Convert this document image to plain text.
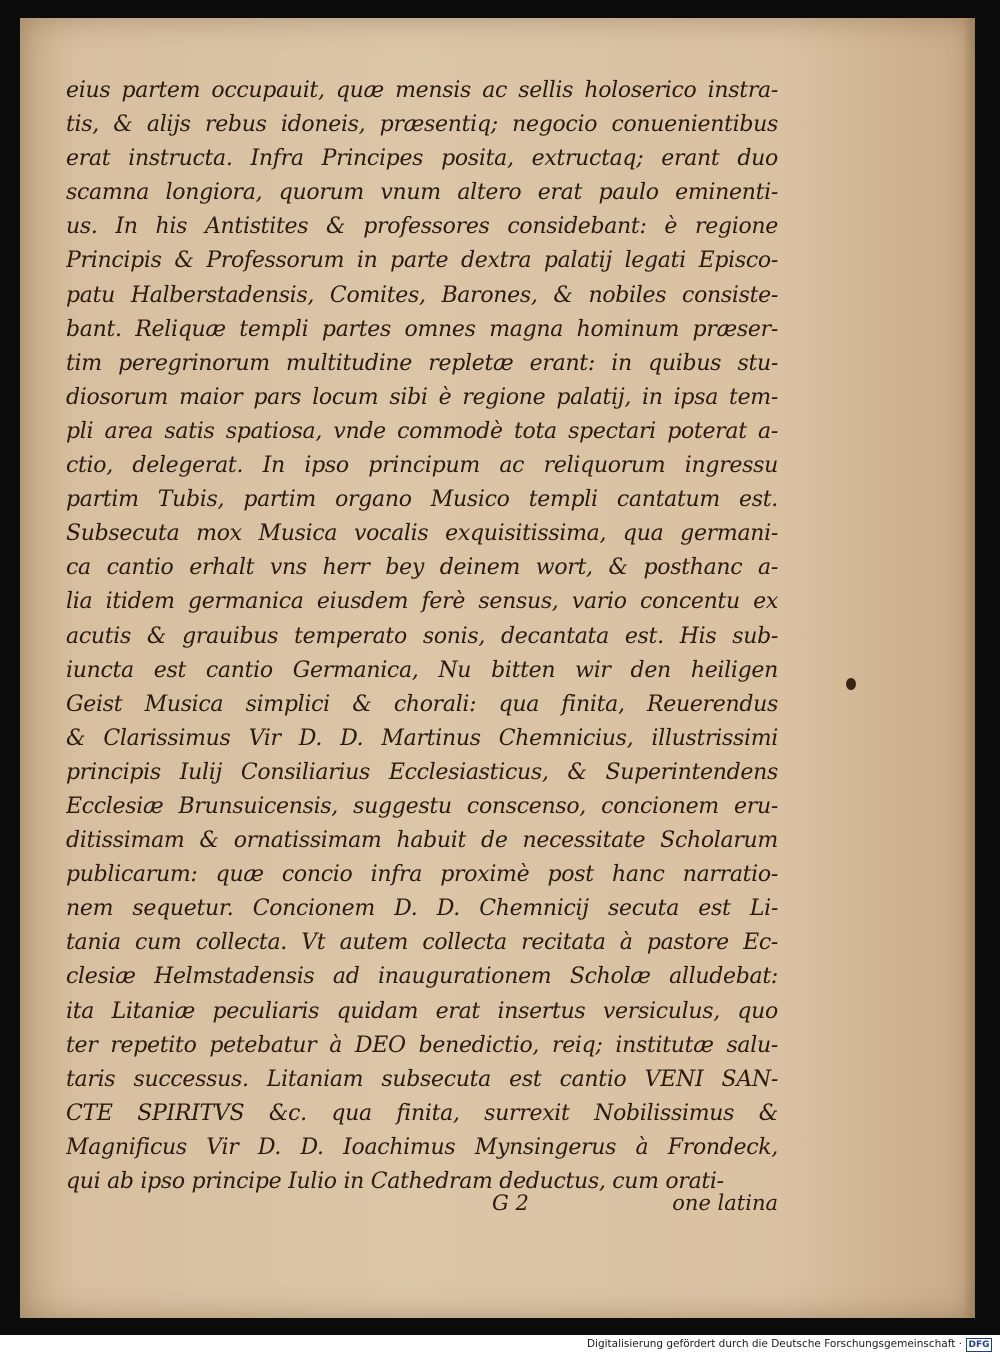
eius partem occupauit, quæ mensis ac sellis holoserico instra-
tis, & alijs rebus idoneis, præsentiq; negocio conuenientibus
erat instructa. Infra Principes posita, extructaq; erant duo
scamna longiora, quorum vnum altero erat paulo eminenti-
us. In his Antistites & professores considebant: è regione
Principis & Professorum in parte dextra palatij legati Episco-
patu Halberstadensis, Comites, Barones, & nobiles consiste-
bant. Reliquæ templi partes omnes magna hominum præser-
tim peregrinorum multitudine repletæ erant: in quibus stu-
diosorum maior pars locum sibi è regione palatij, in ipsa tem-
pli area satis spatiosa, vnde commodè tota spectari poterat a-
ctio, delegerat. In ipso principum ac reliquorum ingressu
partim Tubis, partim organo Musico templi cantatum est.
Subsecuta mox Musica vocalis exquisitissima, qua germani-
ca cantio erhalt vns herr bey deinem wort, & posthanc a-
lia itidem germanica eiusdem ferè sensus, vario concentu ex
acutis & grauibus temperato sonis, decantata est. His sub-
iuncta est cantio Germanica, Nu bitten wir den heiligen
Geist Musica simplici & chorali: qua finita, Reuerendus
& Clarissimus Vir D. D. Martinus Chemnicius, illustrissimi
principis Iulij Consiliarius Ecclesiasticus, & Superintendens
Ecclesiæ Brunsuicensis, suggestu conscenso, concionem eru-
ditissimam & ornatissimam habuit de necessitate Scholarum
publicarum: quæ concio infra proximè post hanc narratio-
nem sequetur. Concionem D. D. Chemnicij secuta est Li-
tania cum collecta. Vt autem collecta recitata à pastore Ec-
clesiæ Helmstadensis ad inaugurationem Scholæ alludebat:
ita Litaniæ peculiaris quidam erat insertus versiculus, quo
ter repetito petebatur à DEO benedictio, reiq; institutæ salu-
taris successus. Litaniam subsecuta est cantio VENI SAN-
CTE SPIRITVS &c. qua finita, surrexit Nobilissimus &
Magnificus Vir D. D. Ioachimus Mynsingerus à Frondeck,
qui ab ipso principe Iulio in Cathedram deductus, cum orati-
G 2	one latina
Digitalisierung gefördert durch die Deutsche Forschungsgemeinschaft · DFG
